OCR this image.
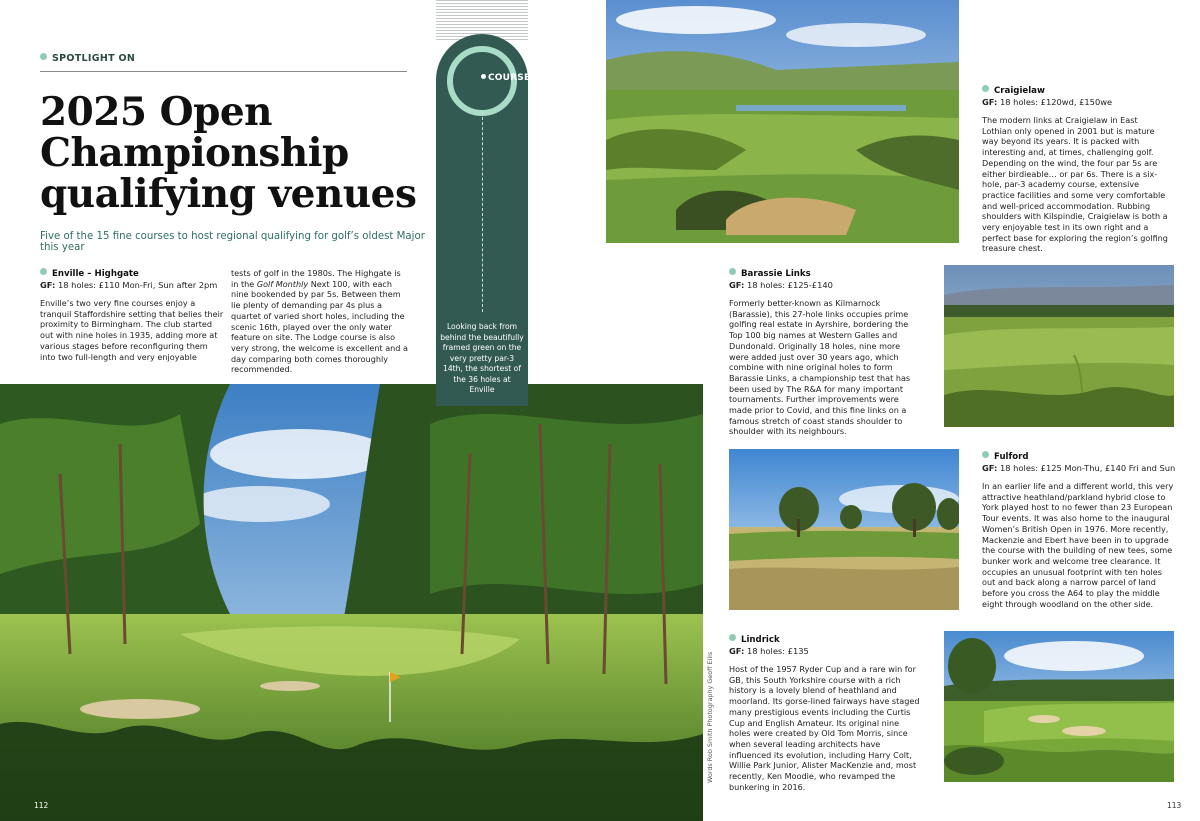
SPOTLIGHT ON
2025 Open
Championship
qualifying venues
Five of the 15 fine courses to host regional qualifying for golf’s oldest Major this year
Enville – Highgate
GF: 18 holes: £110 Mon-Fri, Sun after 2pm
Enville’s two very fine courses enjoy a tranquil Staffordshire setting that belies their proximity to Birmingham. The club started out with nine holes in 1935, adding more at various stages before reconfiguring them into two full-length and very enjoyable
tests of golf in the 1980s. The Highgate is in the Golf Monthly Next 100, with each nine bookended by par 5s. Between them lie plenty of demanding par 4s plus a quartet of varied short holes, including the scenic 16th, played over the only water feature on site. The Lodge course is also very strong, the welcome is excellent and a day comparing both comes thoroughly recommended.
112
COURSES
Looking back from behind the beautifully framed green on the very pretty par-3 14th, the shortest of the 36 holes at Enville
Words Rob Smith Photography Geoff Ellis
Craigielaw
GF: 18 holes: £120wd, £150we
The modern links at Craigielaw in East Lothian only opened in 2001 but is mature way beyond its years. It is packed with interesting and, at times, challenging golf. Depending on the wind, the four par 5s are either birdieable… or par 6s. There is a six-hole, par-3 academy course, extensive practice facilities and some very comfortable and well-priced accommodation. Rubbing shoulders with Kilspindie, Craigielaw is both a very enjoyable test in its own right and a perfect base for exploring the region’s golfing treasure chest.
Barassie Links
GF: 18 holes: £125-£140
Formerly better-known as Kilmarnock (Barassie), this 27-hole links occupies prime golfing real estate in Ayrshire, bordering the Top 100 big names at Western Galles and Dundonald. Originally 18 holes, nine more were added just over 30 years ago, which combine with nine original holes to form Barassie Links, a championship test that has been used by The R&A for many important tournaments. Further improvements were made prior to Covid, and this fine links on a famous stretch of coast stands shoulder to shoulder with its neighbours.
Fulford
GF: 18 holes: £125 Mon-Thu, £140 Fri and Sun
In an earlier life and a different world, this very attractive heathland/parkland hybrid close to York played host to no fewer than 23 European Tour events. It was also home to the inaugural Women’s British Open in 1976. More recently, Mackenzie and Ebert have been in to upgrade the course with the building of new tees, some bunker work and welcome tree clearance. It occupies an unusual footprint with ten holes out and back along a narrow parcel of land before you cross the A64 to play the middle eight through woodland on the other side.
Lindrick
GF: 18 holes: £135
Host of the 1957 Ryder Cup and a rare win for GB, this South Yorkshire course with a rich history is a lovely blend of heathland and moorland. Its gorse-lined fairways have staged many prestigious events including the Curtis Cup and English Amateur. Its original nine holes were created by Old Tom Morris, since when several leading architects have influenced its evolution, including Harry Colt, Willie Park Junior, Alister MacKenzie and, most recently, Ken Moodie, who revamped the bunkering in 2016.
113
